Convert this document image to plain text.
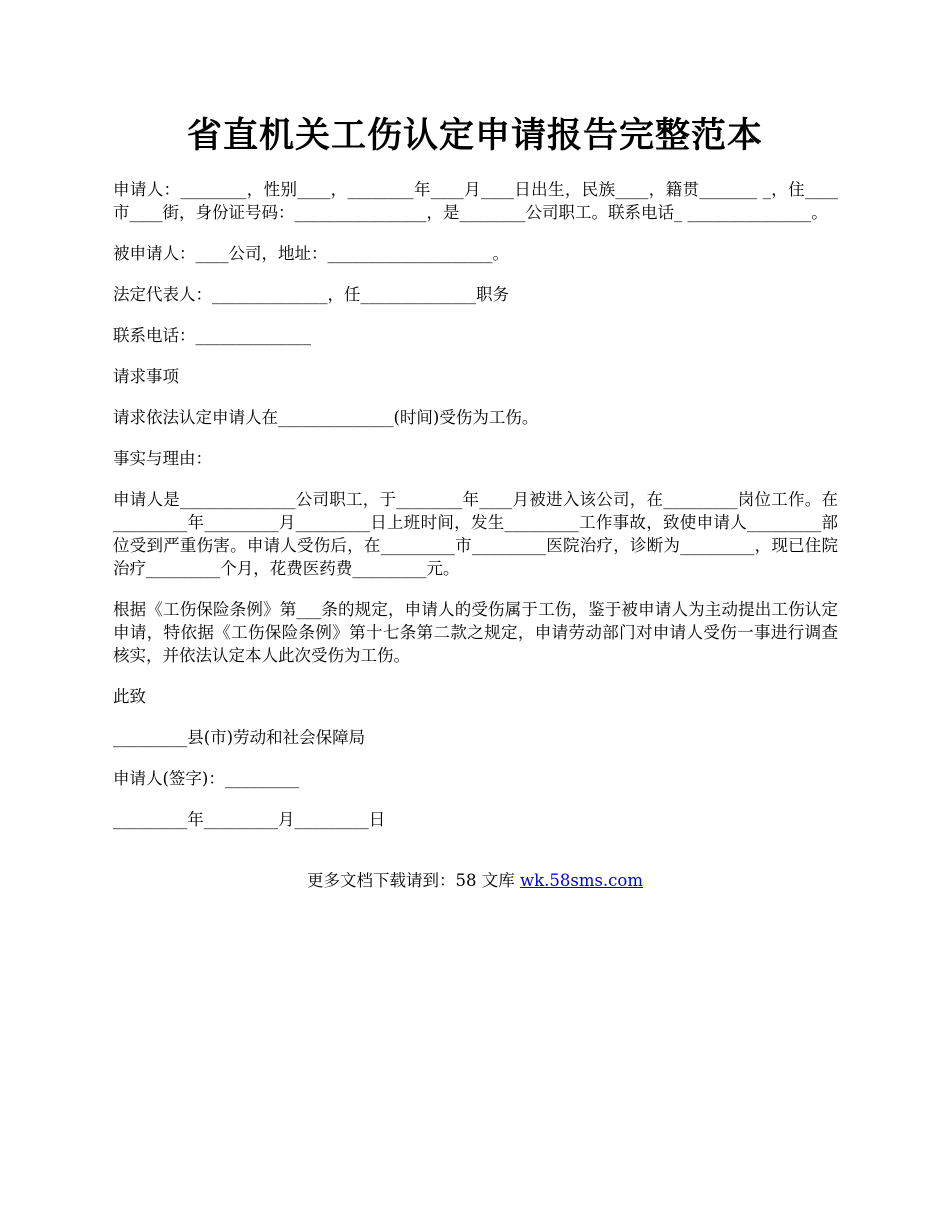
省直机关工伤认定申请报告完整范本

申请人：________，性别____，________年____月____日出生，民族____，籍贯_______ _，住____市____街，身份证号码：________________，是________公司职工。联系电话_ _______________。

被申请人：____公司，地址：____________________。

法定代表人：______________，任______________职务

联系电话：______________

请求事项

请求依法认定申请人在______________(时间)受伤为工伤。

事实与理由：

申请人是______________公司职工，于________年____月被进入该公司，在_________岗位工作。在_________年_________月_________日上班时间，发生_________工作事故，致使申请人_________部位受到严重伤害。申请人受伤后，在_________市_________医院治疗，诊断为_________，现已住院治疗_________个月，花费医药费_________元。

根据《工伤保险条例》第___条的规定，申请人的受伤属于工伤，鉴于被申请人为主动提出工伤认定申请，特依据《工伤保险条例》第十七条第二款之规定，申请劳动部门对申请人受伤一事进行调查核实，并依法认定本人此次受伤为工伤。

此致

_________县(市)劳动和社会保障局

申请人(签字)：_________

_________年_________月_________日

更多文档下载请到：58 文库 wk.58sms.com
